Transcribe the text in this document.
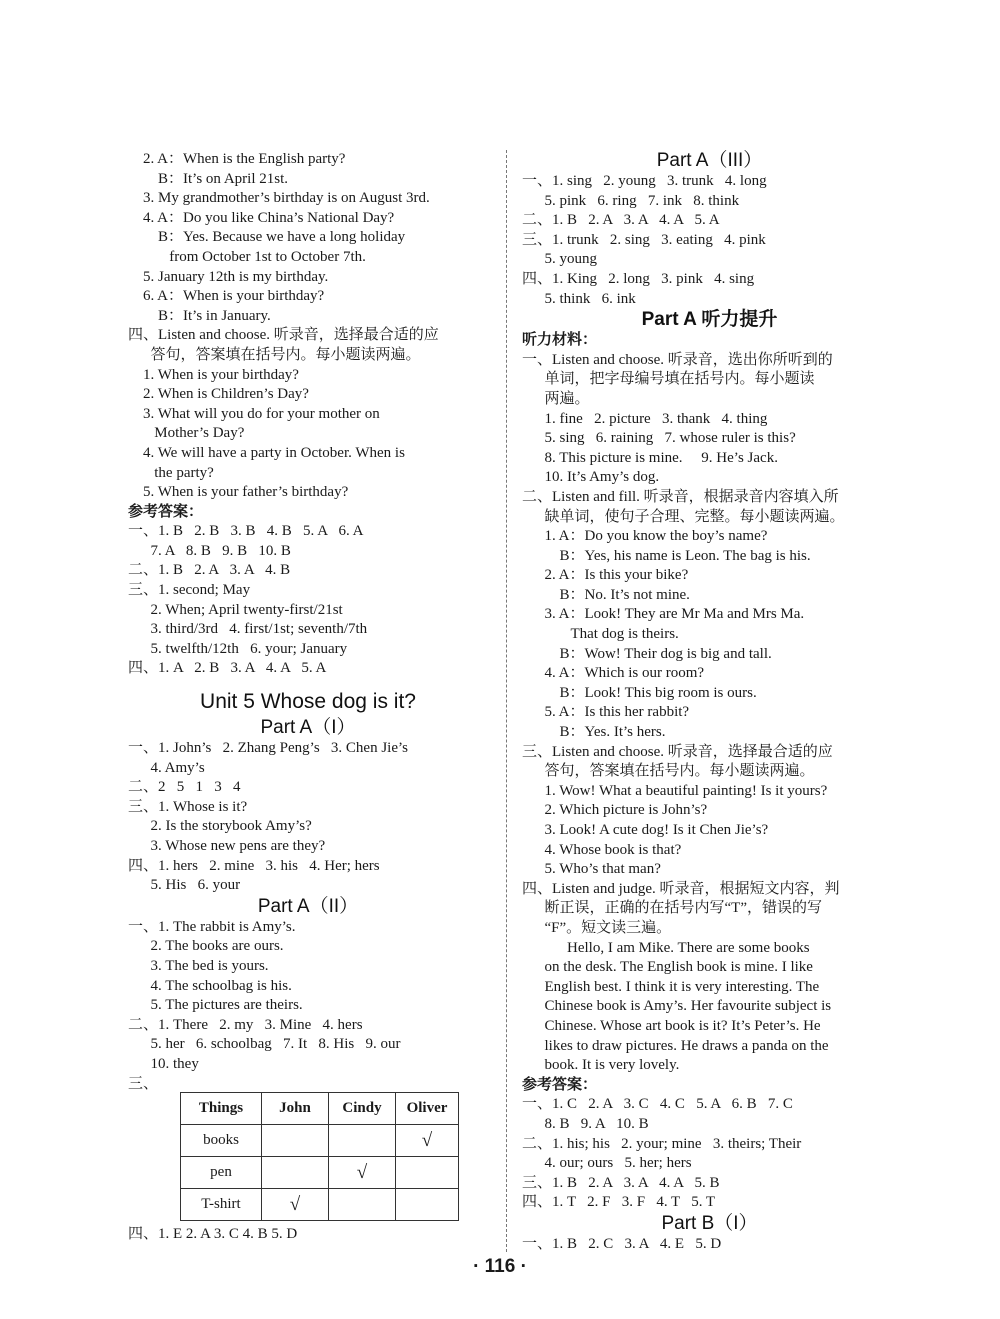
2. A：When is the English party?
B：It’s on April 21st.
3. My grandmother’s birthday is on August 3rd.
4. A：Do you like China’s National Day?
B：Yes. Because we have a long holiday
from October 1st to October 7th.
5. January 12th is my birthday.
6. A：When is your birthday?
B：It’s in January.
四、Listen and choose. 听录音，选择最合适的应
答句，答案填在括号内。每小题读两遍。
1. When is your birthday?
2. When is Children’s Day?
3. What will you do for your mother on
Mother’s Day?
4. We will have a party in October. When is
the party?
5. When is your father’s birthday?
参考答案：
一、1. B   2. B   3. B   4. B   5. A   6. A
7. A   8. B   9. B   10. B
二、1. B   2. A   3. A   4. B
三、1. second; May
2. When; April twenty-first/21st
3. third/3rd   4. first/1st; seventh/7th
5. twelfth/12th   6. your; January
四、1. A   2. B   3. A   4. A   5. A
Unit 5 Whose dog is it?
Part A（I）
一、1. John’s   2. Zhang Peng’s   3. Chen Jie’s
4. Amy’s
二、2   5   1   3   4
三、1. Whose is it?
2. Is the storybook Amy’s?
3. Whose new pens are they?
四、1. hers   2. mine   3. his   4. Her; hers
5. His   6. your
Part A（II）
一、1. The rabbit is Amy’s.
2. The books are ours.
3. The bed is yours.
4. The schoolbag is his.
5. The pictures are theirs.
二、1. There   2. my   3. Mine   4. hers
5. her   6. schoolbag   7. It   8. His   9. our
10. they
三、
Things	John	Cindy	Oliver
books			√
pen		√	
T-shirt	√		
四、1. E 2. A 3. C 4. B 5. D
Part A（III）
一、1. sing   2. young   3. trunk   4. long
5. pink   6. ring   7. ink   8. think
二、1. B   2. A   3. A   4. A   5. A
三、1. trunk   2. sing   3. eating   4. pink
5. young
四、1. King   2. long   3. pink   4. sing
5. think   6. ink
Part A 听力提升
听力材料：
一、Listen and choose. 听录音，选出你所听到的
单词，把字母编号填在括号内。每小题读
两遍。
1. fine   2. picture   3. thank   4. thing
5. sing   6. raining   7. whose ruler is this?
8. This picture is mine.     9. He’s Jack.
10. It’s Amy’s dog.
二、Listen and fill. 听录音，根据录音内容填入所
缺单词，使句子合理、完整。每小题读两遍。
1. A：Do you know the boy’s name?
B：Yes, his name is Leon. The bag is his.
2. A：Is this your bike?
B：No. It’s not mine.
3. A：Look! They are Mr Ma and Mrs Ma.
That dog is theirs.
B：Wow! Their dog is big and tall.
4. A：Which is our room?
B：Look! This big room is ours.
5. A：Is this her rabbit?
B：Yes. It’s hers.
三、Listen and choose. 听录音，选择最合适的应
答句，答案填在括号内。每小题读两遍。
1. Wow! What a beautiful painting! Is it yours?
2. Which picture is John’s?
3. Look! A cute dog! Is it Chen Jie’s?
4. Whose book is that?
5. Who’s that man?
四、Listen and judge. 听录音，根据短文内容，判
断正误，正确的在括号内写“T”，错误的写
“F”。短文读三遍。
Hello, I am Mike. There are some books
on the desk. The English book is mine. I like
English best. I think it is very interesting. The
Chinese book is Amy’s. Her favourite subject is
Chinese. Whose art book is it? It’s Peter’s. He
likes to draw pictures. He draws a panda on the
book. It is very lovely.
参考答案：
一、1. C   2. A   3. C   4. C   5. A   6. B   7. C
8. B   9. A   10. B
二、1. his; his   2. your; mine   3. theirs; Their
4. our; ours   5. her; hers
三、1. B   2. A   3. A   4. A   5. B
四、1. T   2. F   3. F   4. T   5. T
Part B（I）
一、1. B   2. C   3. A   4. E   5. D
· 116 ·
